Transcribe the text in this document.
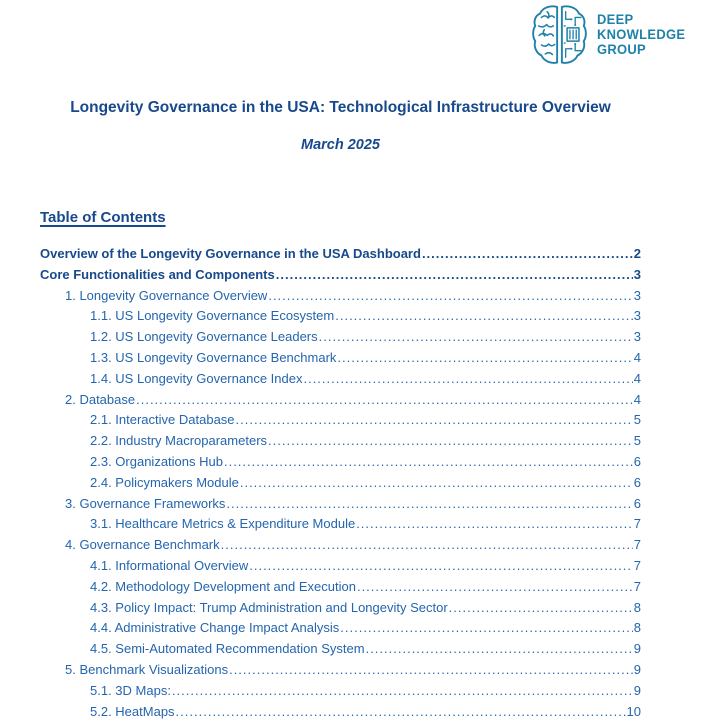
DEEP
KNOWLEDGE
GROUP
Longevity Governance in the USA: Technological Infrastructure Overview
March 2025
Table of Contents
Overview of the Longevity Governance in the USA Dashboard .....	2
Core Functionalities and Components .....	3
1. Longevity Governance Overview .....	3
1.1. US Longevity Governance Ecosystem .....	3
1.2. US Longevity Governance Leaders .....	3
1.3. US Longevity Governance Benchmark .....	4
1.4. US Longevity Governance Index .....	4
2. Database .....	4
2.1. Interactive Database .....	5
2.2. Industry Macroparameters .....	5
2.3. Organizations Hub .....	6
2.4. Policymakers Module .....	6
3. Governance Frameworks .....	6
3.1. Healthcare Metrics & Expenditure Module .....	7
4. Governance Benchmark .....	7
4.1. Informational Overview .....	7
4.2. Methodology Development and Execution .....	7
4.3. Policy Impact: Trump Administration and Longevity Sector .....	8
4.4. Administrative Change Impact Analysis .....	8
4.5. Semi-Automated Recommendation System .....	9
5. Benchmark Visualizations .....	9
5.1. 3D Maps: .....	9
5.2. HeatMaps .....	10
